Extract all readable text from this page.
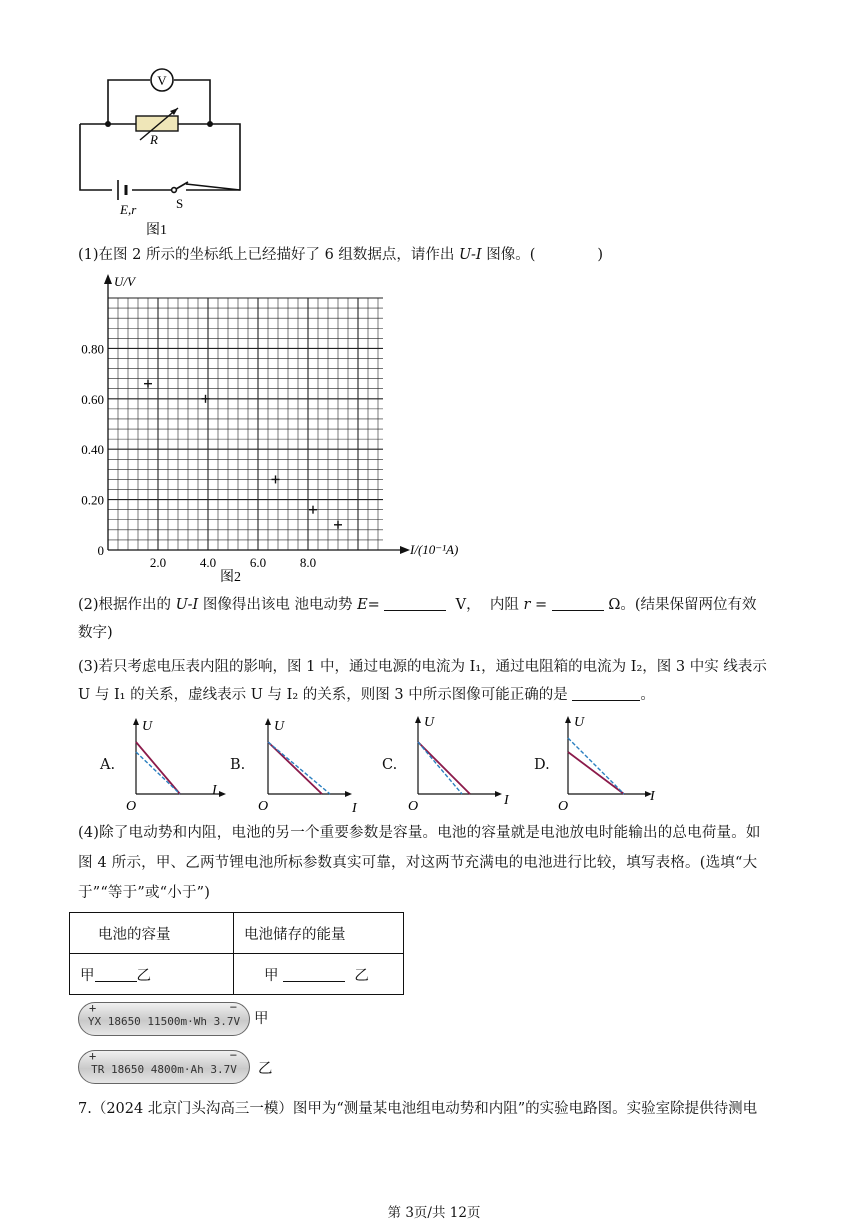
V
R
E,r	S
图1
(1)在图 2 所示的坐标纸上已经描好了 6 组数据点，请作出 U-I 图像。(	)
U/V
I/(10⁻¹A)
0.80
0.60
0.40
0.20
0
2.0	4.0	6.0	8.0
图2
(2)根据作出的 U-I 图像得出该电 池电动势 E=	V， 内阻 r =	Ω。(结果保留两位有效
数字)
(3)若只考虑电压表内阻的影响，图 1 中，通过电源的电流为 I₁，通过电阻箱的电流为 I₂，图 3 中实 线表示
U 与 I₁ 的关系，虚线表示 U 与 I₂ 的关系，则图 3 中所示图像可能正确的是	。
A.
U
I
O
B.
U
I
O
C.
U
I
O
D.
U
I
O
(4)除了电动势和内阻，电池的另一个重要参数是容量。电池的容量就是电池放电时能输出的总电荷量。如
图 4 所示，甲、乙两节锂电池所标参数真实可靠，对这两节充满电的电池进行比较，填写表格。(选填“大
于”“等于”或“小于”)
电池的容量	电池储存的能量
甲 乙	甲 乙
+	−
YX 18650 11500m·Wh 3.7V 甲
+	−
TR 18650 4800m·Ah 3.7V 乙
7.（2024 北京门头沟高三一模）图甲为“测量某电池组电动势和内阻”的实验电路图。实验室除提供待测电
第 3页/共 12页
